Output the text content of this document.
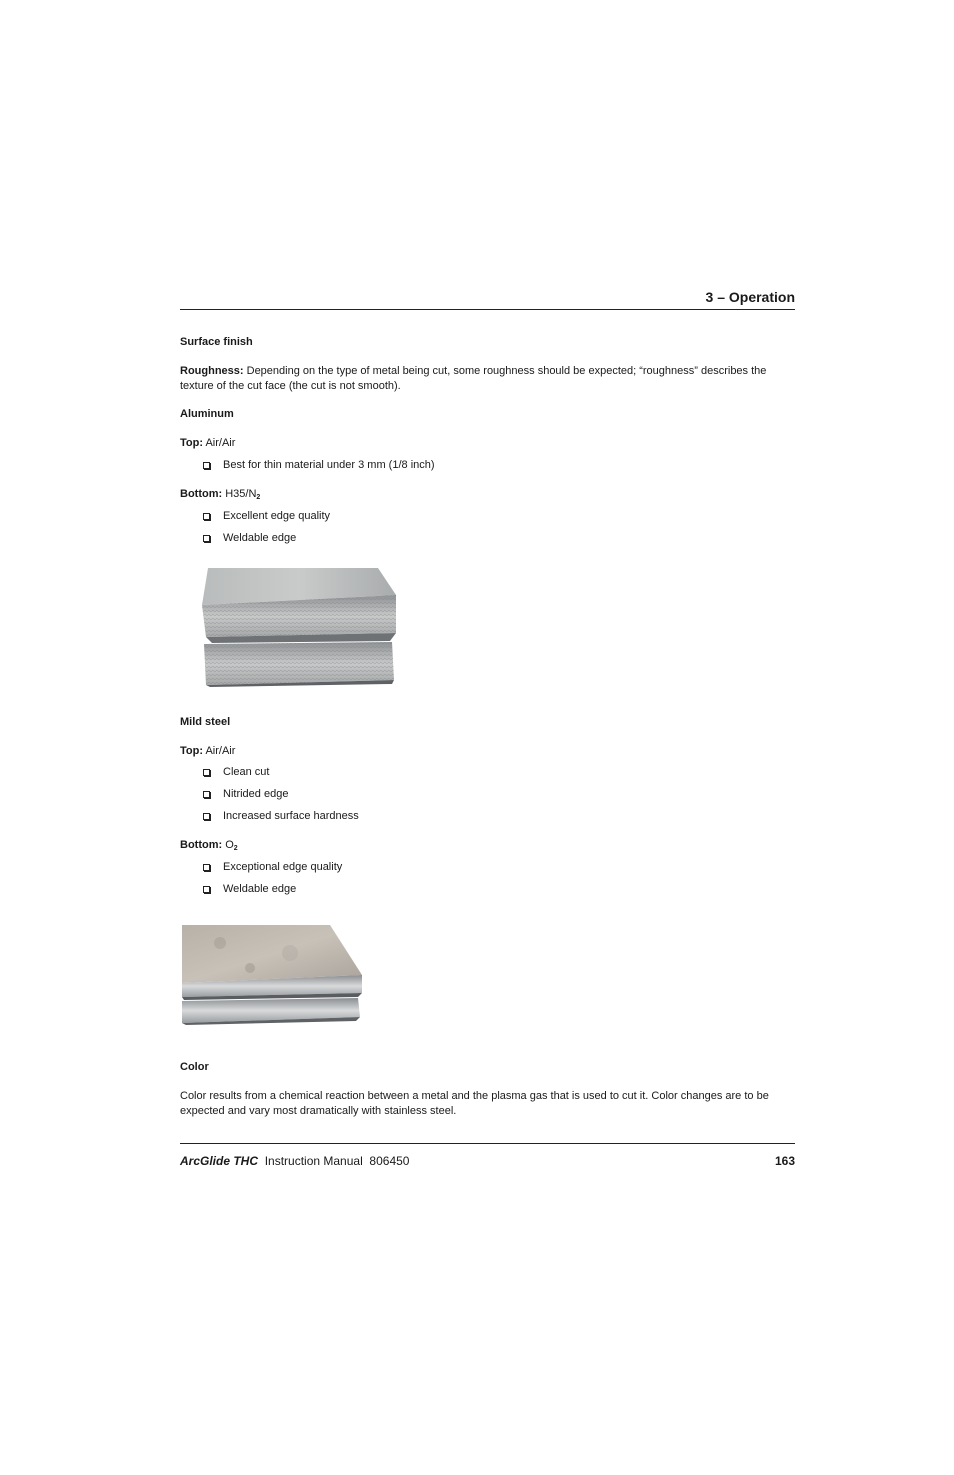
3 – Operation

Surface finish

Roughness: Depending on the type of metal being cut, some roughness should be expected; “roughness” describes the texture of the cut face (the cut is not smooth).

Aluminum

Top: Air/Air

Best for thin material under 3 mm (1/8 inch)

Bottom: $H35/N_2$

Excellent edge quality
Weldable edge

Mild steel

Top: Air/Air

Clean cut
Nitrided edge
Increased surface hardness

Bottom: $O_2$

Exceptional edge quality
Weldable edge

Color

Color results from a chemical reaction between a metal and the plasma gas that is used to cut it. Color changes are to be expected and vary most dramatically with stainless steel.

ArcGlide THC Instruction Manual 806450	163
